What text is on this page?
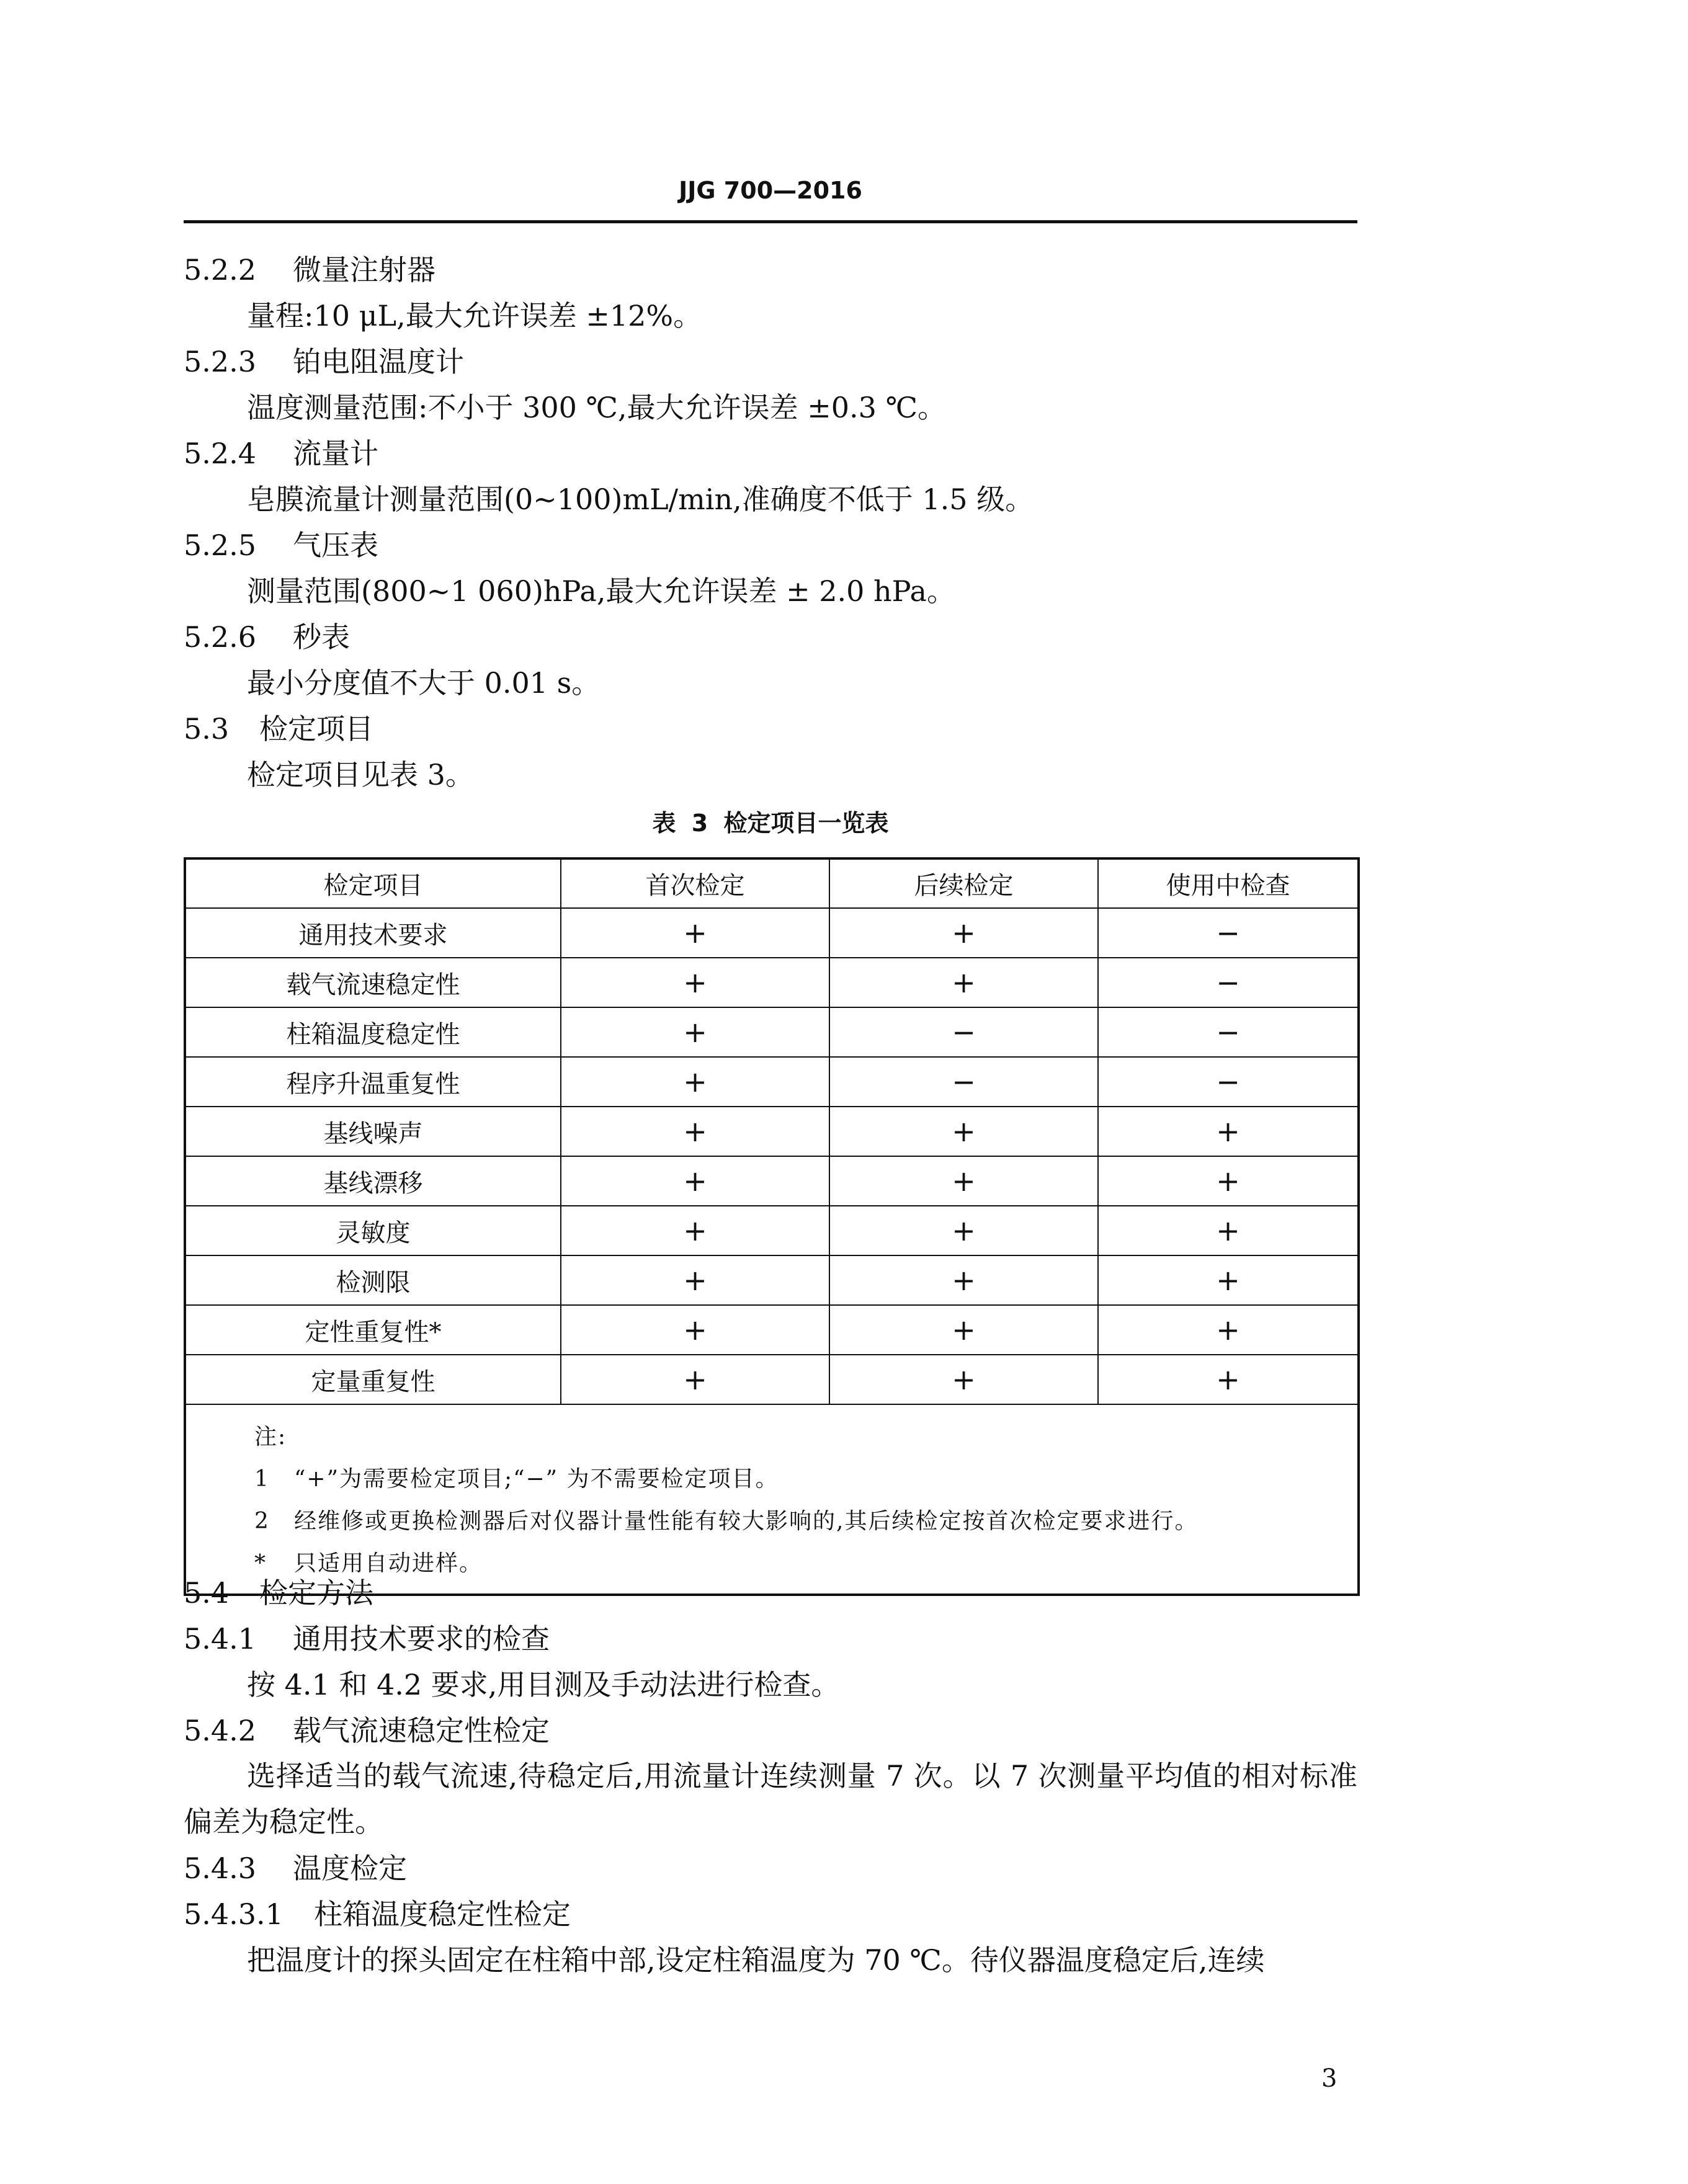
JJG 700—2016
5.2.2 微量注射器
量程:10 μL,最大允许误差 ±12%。
5.2.3 铂电阻温度计
温度测量范围:不小于 300 ℃,最大允许误差 ±0.3 ℃。
5.2.4 流量计
皂膜流量计测量范围(0~100)mL/min,准确度不低于 1.5 级。
5.2.5 气压表
测量范围(800~1 060)hPa,最大允许误差 ± 2.0 hPa。
5.2.6 秒表
最小分度值不大于 0.01 s。
5.3 检定项目
检定项目见表 3。
表 3 检定项目一览表
检定项目	首次检定	后续检定	使用中检查
通用技术要求	+	+	−
载气流速稳定性	+	+	−
柱箱温度稳定性	+	−	−
程序升温重复性	+	−	−
基线噪声	+	+	+
基线漂移	+	+	+
灵敏度	+	+	+
检测限	+	+	+
定性重复性*	+	+	+
定量重复性	+	+	+

注:
1 “+”为需要检定项目;“−” 为不需要检定项目。
2 经维修或更换检测器后对仪器计量性能有较大影响的,其后续检定按首次检定要求进行。
* 只适用自动进样。			
5.4 检定方法
5.4.1 通用技术要求的检查
按 4.1 和 4.2 要求,用目测及手动法进行检查。
5.4.2 载气流速稳定性检定
选择适当的载气流速,待稳定后,用流量计连续测量 7 次。以 7 次测量平均值的相对标准偏差为稳定性。
5.4.3 温度检定
5.4.3.1 柱箱温度稳定性检定
把温度计的探头固定在柱箱中部,设定柱箱温度为 70 ℃。待仪器温度稳定后,连续
3
